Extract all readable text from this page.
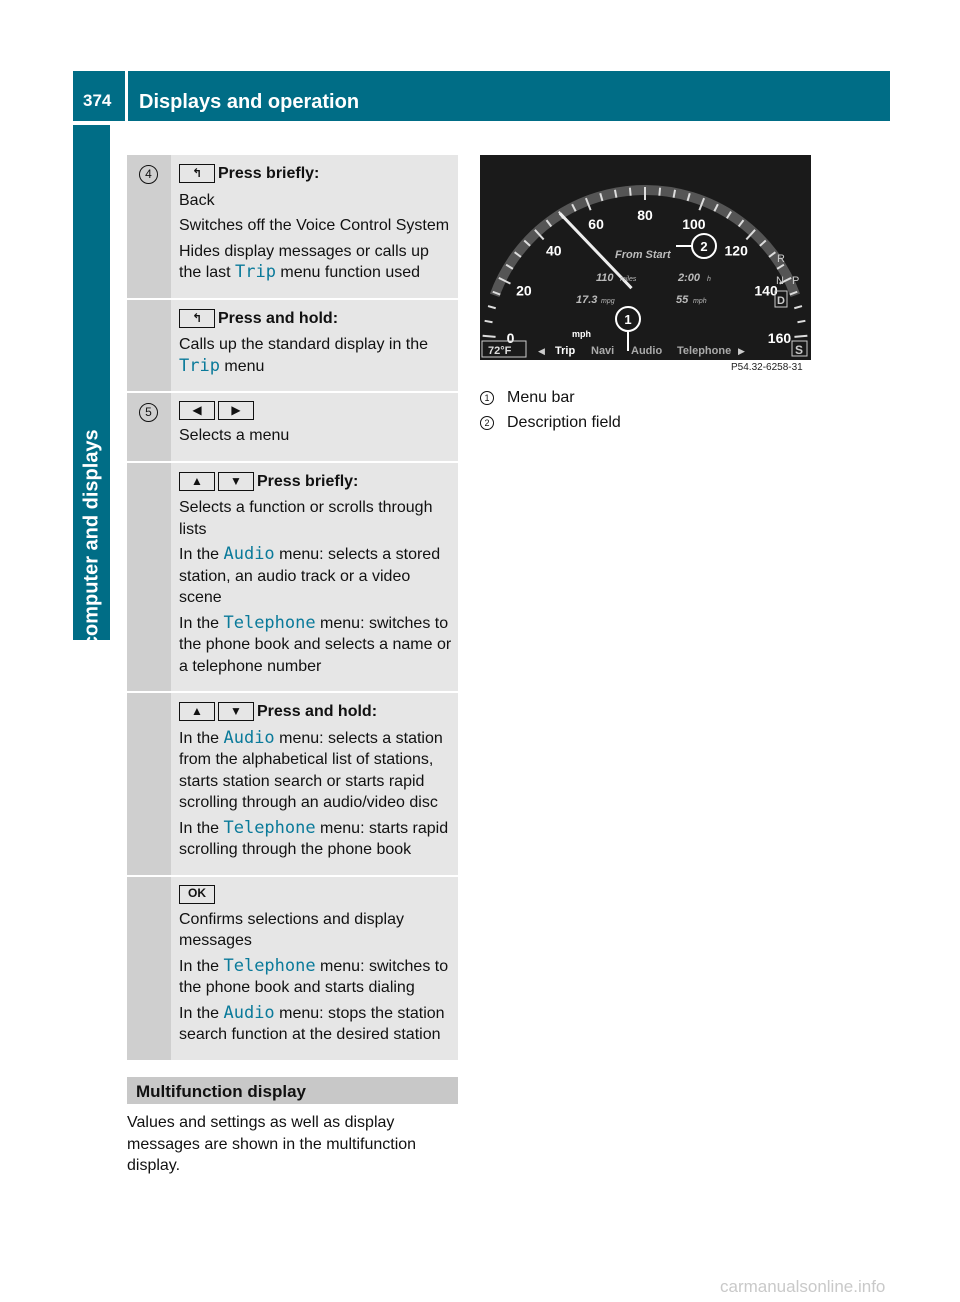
374 Displays and operation
On-board computer and displays
4	↰ Press briefly:

Back

Switches off the Voice Control System

Hides display messages or calls up the last Trip menu function used

↰ Press and hold:

Calls up the standard display in the Trip menu

5	◀	▶

Selects a menu

▲	▼ Press briefly:

Selects a function or scrolls through lists

In the Audio menu: selects a stored station, an audio track or a video scene

In the Telephone menu: switches to the phone book and selects a name or a telephone number

▲	▼ Press and hold:

In the Audio menu: selects a station from the alphabetical list of stations, starts station search or starts rapid scrolling through an audio/video disc

In the Telephone menu: starts rapid scrolling through the phone book

OK

Confirms selections and display messages

In the Telephone menu: switches to the phone book and starts dialing

In the Audio menu: stops the station search function at the desired station

Multifunction display
Values and settings as well as display messages are shown in the multifunction display.
0
20
40
60
80
100
120
140
160
mph
From Start
110 miles	2:00 h
17.3 mpg	55 mph
R
N P
D
1
2
72°F	◀ Trip Navi Audio Telephone ▶	S
P54.32-6258-31
1 Menu bar
2 Description field
carmanualsonline.info
